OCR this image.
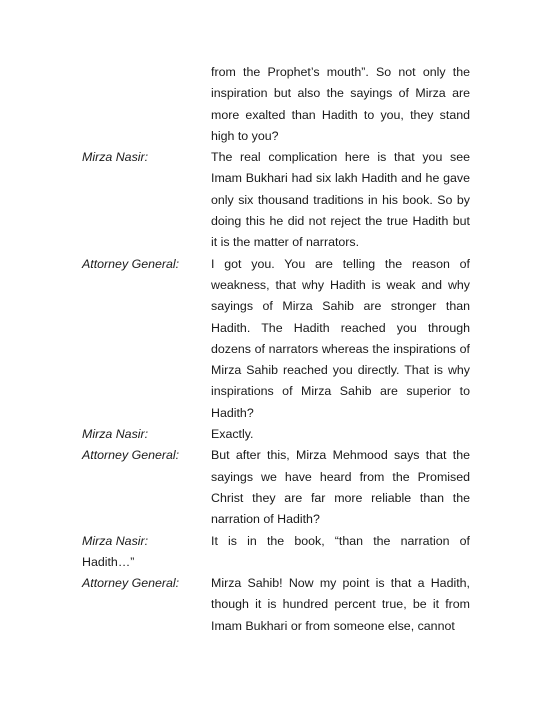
from the Prophet’s mouth”. So not only the inspiration but also the sayings of Mirza are more exalted than Hadith to you, they stand high to you?
Mirza Nasir:	The real complication here is that you see Imam Bukhari had six lakh Hadith and he gave only six thousand traditions in his book. So by doing this he did not reject the true Hadith but it is the matter of narrators.
Attorney General:	I got you. You are telling the reason of weakness, that why Hadith is weak and why sayings of Mirza Sahib are stronger than Hadith. The Hadith reached you through dozens of narrators whereas the inspirations of Mirza Sahib reached you directly. That is why inspirations of Mirza Sahib are superior to Hadith?
Mirza Nasir:	Exactly.
Attorney General:	But after this, Mirza Mehmood says that the sayings we have heard from the Promised Christ they are far more reliable than the narration of Hadith?
Mirza Nasir:	It is in the book, “than the narration of Hadith…”
Attorney General:	Mirza Sahib! Now my point is that a Hadith, though it is hundred percent true, be it from Imam Bukhari or from someone else, cannot
